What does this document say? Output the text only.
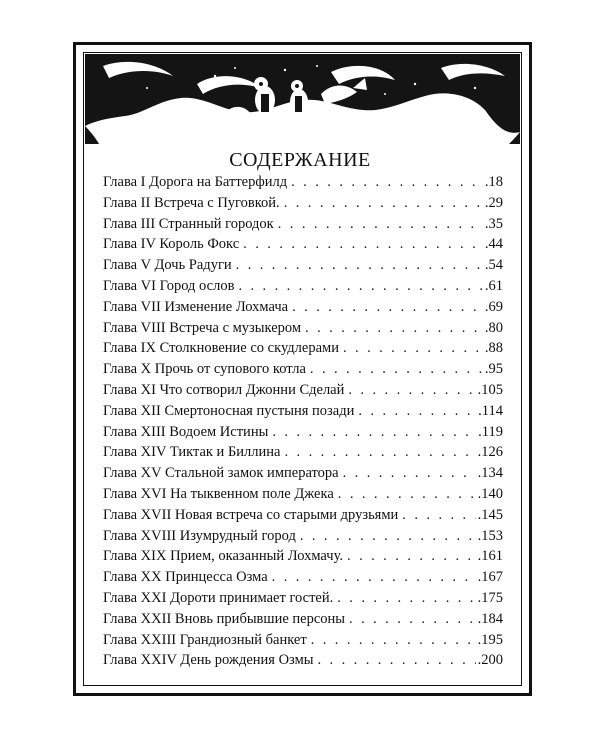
СОДЕРЖАНИЕ
Глава I Дорога на Баттерфилд . . .	.18
Глава II Встреча с Пуговкой. . . .	.29
Глава III Странный городок . . .	.35
Глава IV Король Фокс . . .	.44
Глава V Дочь Радуги . . .	.54
Глава VI Город ослов . . .	.61
Глава VII Изменение Лохмача . . .	.69
Глава VIII Встреча с музыкером . . .	.80
Глава IX Столкновение со скудлерами . . .	.88
Глава X Прочь от супового котла . . .	.95
Глава XI Что сотворил Джонни Сделай . . .	.105
Глава XII Смертоносная пустыня позади . . .	.114
Глава XIII Водоем Истины . . .	.119
Глава XIV Тиктак и Биллина . . .	.126
Глава XV Стальной замок императора . . .	.134
Глава XVI На тыквенном поле Джека . . .	.140
Глава XVII Новая встреча со старыми друзьями . . .	.145
Глава XVIII Изумрудный город . . .	.153
Глава XIX Прием, оказанный Лохмачу. . . .	.161
Глава XX Принцесса Озма . . .	.167
Глава XXI Дороти принимает гостей. . . .	.175
Глава XXII Вновь прибывшие персоны . . .	.184
Глава XXIII Грандиозный банкет . . .	.195
Глава XXIV День рождения Озмы . . .	.200
